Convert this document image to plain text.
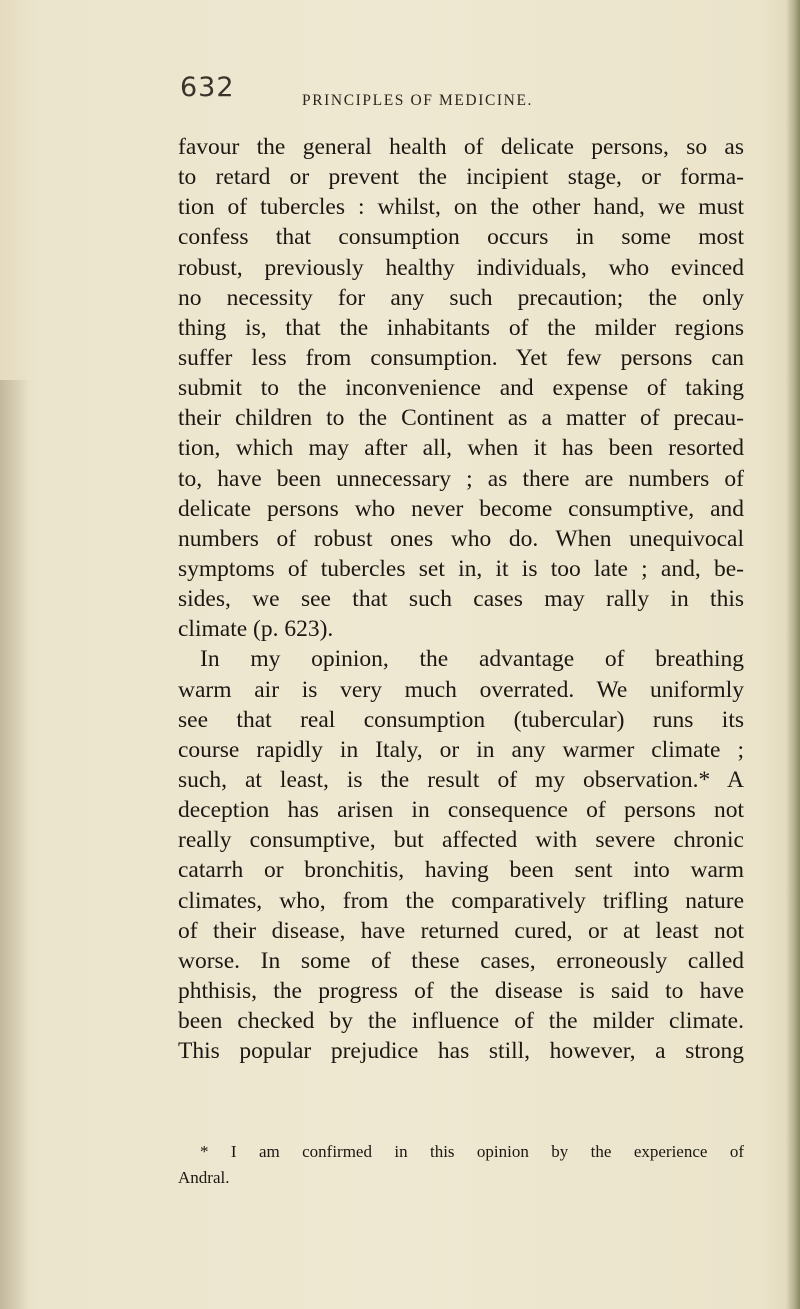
632	PRINCIPLES OF MEDICINE.
favour the general health of delicate persons, so as
to retard or prevent the incipient stage, or forma-
tion of tubercles : whilst, on the other hand, we must
confess that consumption occurs in some most
robust, previously healthy individuals, who evinced
no necessity for any such precaution; the only
thing is, that the inhabitants of the milder regions
suffer less from consumption. Yet few persons can
submit to the inconvenience and expense of taking
their children to the Continent as a matter of precau-
tion, which may after all, when it has been resorted
to, have been unnecessary ; as there are numbers of
delicate persons who never become consumptive, and
numbers of robust ones who do. When unequivocal
symptoms of tubercles set in, it is too late ; and, be-
sides, we see that such cases may rally in this
climate (p. 623).
In my opinion, the advantage of breathing
warm air is very much overrated. We uniformly
see that real consumption (tubercular) runs its
course rapidly in Italy, or in any warmer climate ;
such, at least, is the result of my observation.* A
deception has arisen in consequence of persons not
really consumptive, but affected with severe chronic
catarrh or bronchitis, having been sent into warm
climates, who, from the comparatively trifling nature
of their disease, have returned cured, or at least not
worse. In some of these cases, erroneously called
phthisis, the progress of the disease is said to have
been checked by the influence of the milder climate.
This popular prejudice has still, however, a strong
* I am confirmed in this opinion by the experience of
Andral.
